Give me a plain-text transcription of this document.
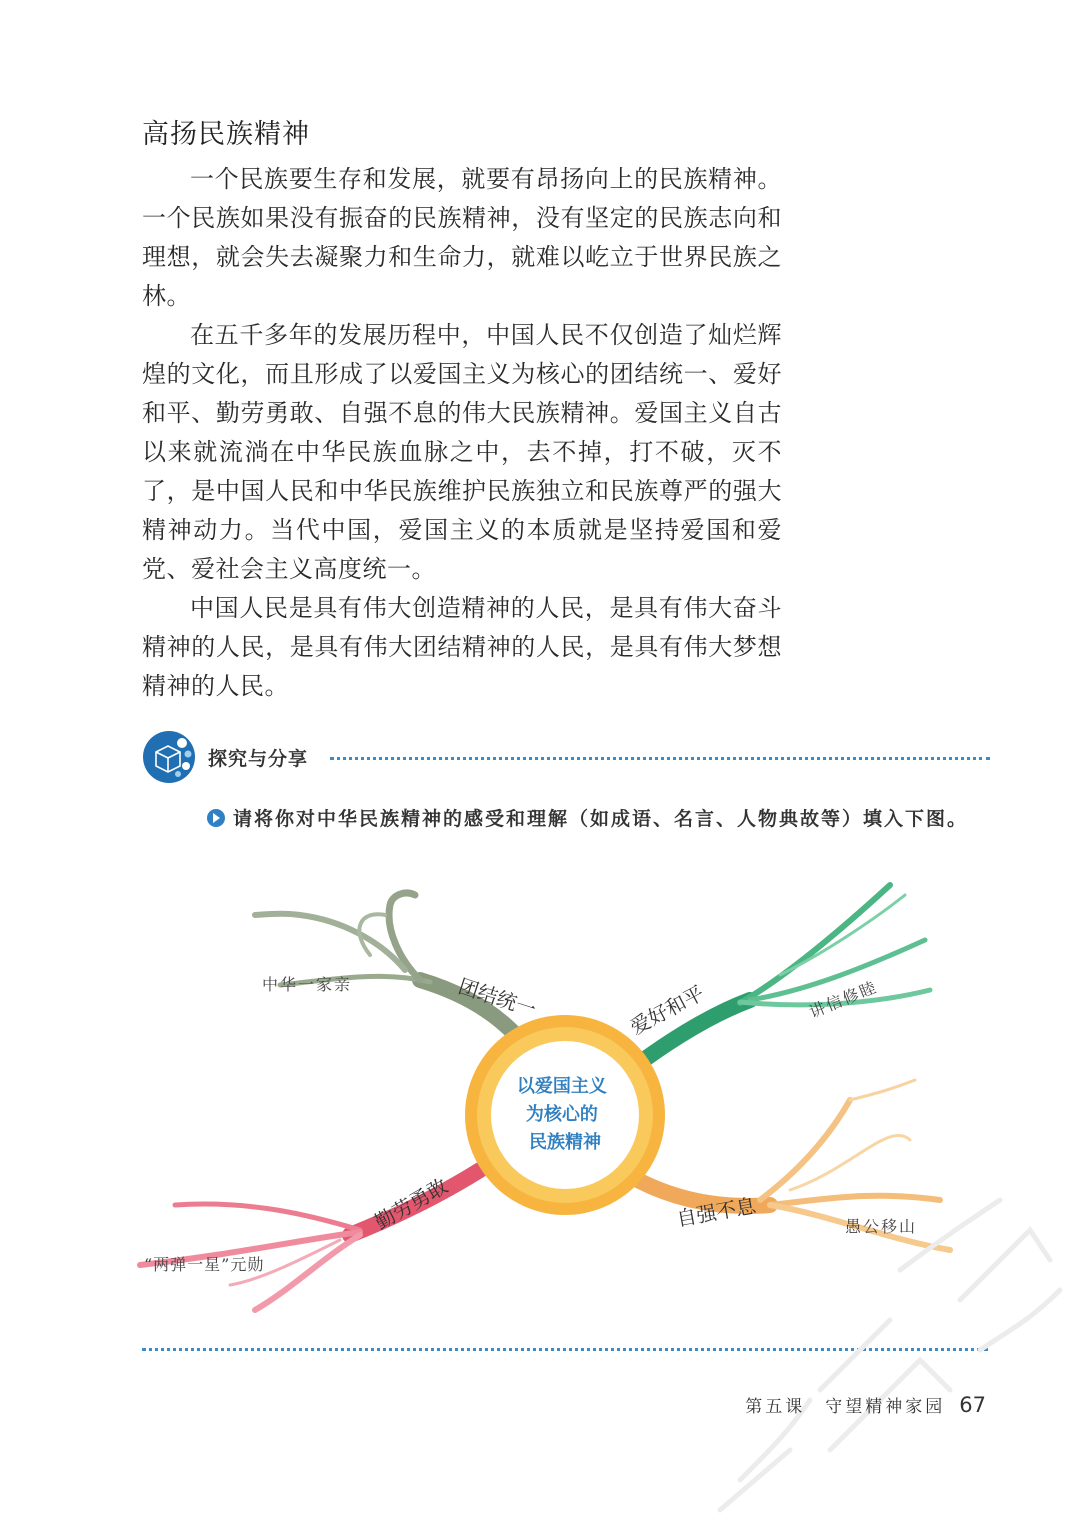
高扬民族精神

一个民族要生存和发展，就要有昂扬向上的民族精神。一个民族如果没有振奋的民族精神，没有坚定的民族志向和理想，就会失去凝聚力和生命力，就难以屹立于世界民族之林。

在五千多年的发展历程中，中国人民不仅创造了灿烂辉煌的文化，而且形成了以爱国主义为核心的团结统一、爱好和平、勤劳勇敢、自强不息的伟大民族精神。爱国主义自古以来就流淌在中华民族血脉之中，去不掉，打不破，灭不了，是中国人民和中华民族维护民族独立和民族尊严的强大精神动力。当代中国，爱国主义的本质就是坚持爱国和爱党、爱社会主义高度统一。

中国人民是具有伟大创造精神的人民，是具有伟大奋斗精神的人民，是具有伟大团结精神的人民，是具有伟大梦想精神的人民。

探究与分享
请将你对中华民族精神的感受和理解（如成语、名言、人物典故等）填入下图。
以爱国主义 为核心的 民族精神
团结统一	爱好和平
勤劳勇敢	自强不息
中华一家亲	讲信修睦
“两弹一星”元勋
愚公移山
第五课　守望精神家园 67
